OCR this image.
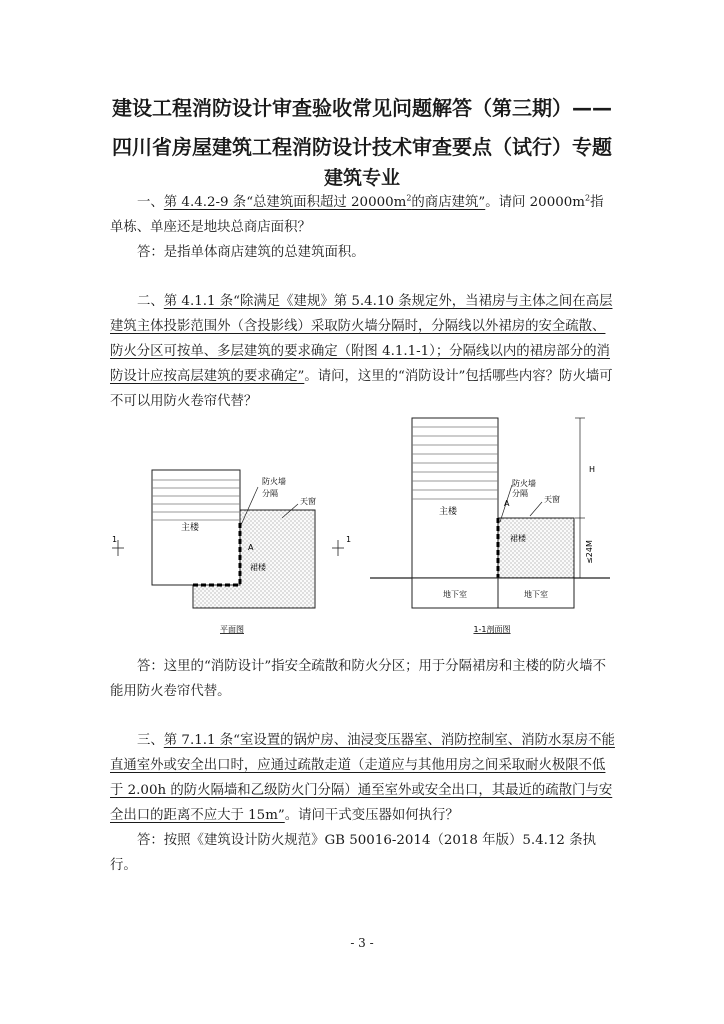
建设工程消防设计审查验收常见问题解答（第三期）——
四川省房屋建筑工程消防设计技术审查要点（试行）专题
建筑专业
一、第 4.4.2-9 条“总建筑面积超过 $20000m^2$的商店建筑”。请问 $20000m^2$指单栋、单座还是地块总商店面积？
答：是指单体商店建筑的总建筑面积。
二、第 4.1.1 条“除满足《建规》第 5.4.10 条规定外，当裙房与主体之间在高层建筑主体投影范围外（含投影线）采取防火墙分隔时，分隔线以外裙房的安全疏散、防火分区可按单、多层建筑的要求确定（附图 4.1.1-1）；分隔线以内的裙房部分的消防设计应按高层建筑的要求确定”。请问，这里的“消防设计”包括哪些内容？防火墙可不可以用防火卷帘代替？
主楼
防火墙
分隔
天窗
裙楼
A
1	1
平面图
主楼
防火墙
分隔
天窗
裙楼
A
地下室	地下室
H
≤24M
1-1剖面图
答：这里的“消防设计”指安全疏散和防火分区；用于分隔裙房和主楼的防火墙不能用防火卷帘代替。
三、第 7.1.1 条“室设置的锅炉房、油浸变压器室、消防控制室、消防水泵房不能直通室外或安全出口时，应通过疏散走道（走道应与其他用房之间采取耐火极限不低于 2.00h 的防火隔墙和乙级防火门分隔）通至室外或安全出口，其最近的疏散门与安全出口的距离不应大于 15m”。请问干式变压器如何执行？
答：按照《建筑设计防火规范》GB 50016-2014（2018 年版）5.4.12 条执行。
- 3 -
